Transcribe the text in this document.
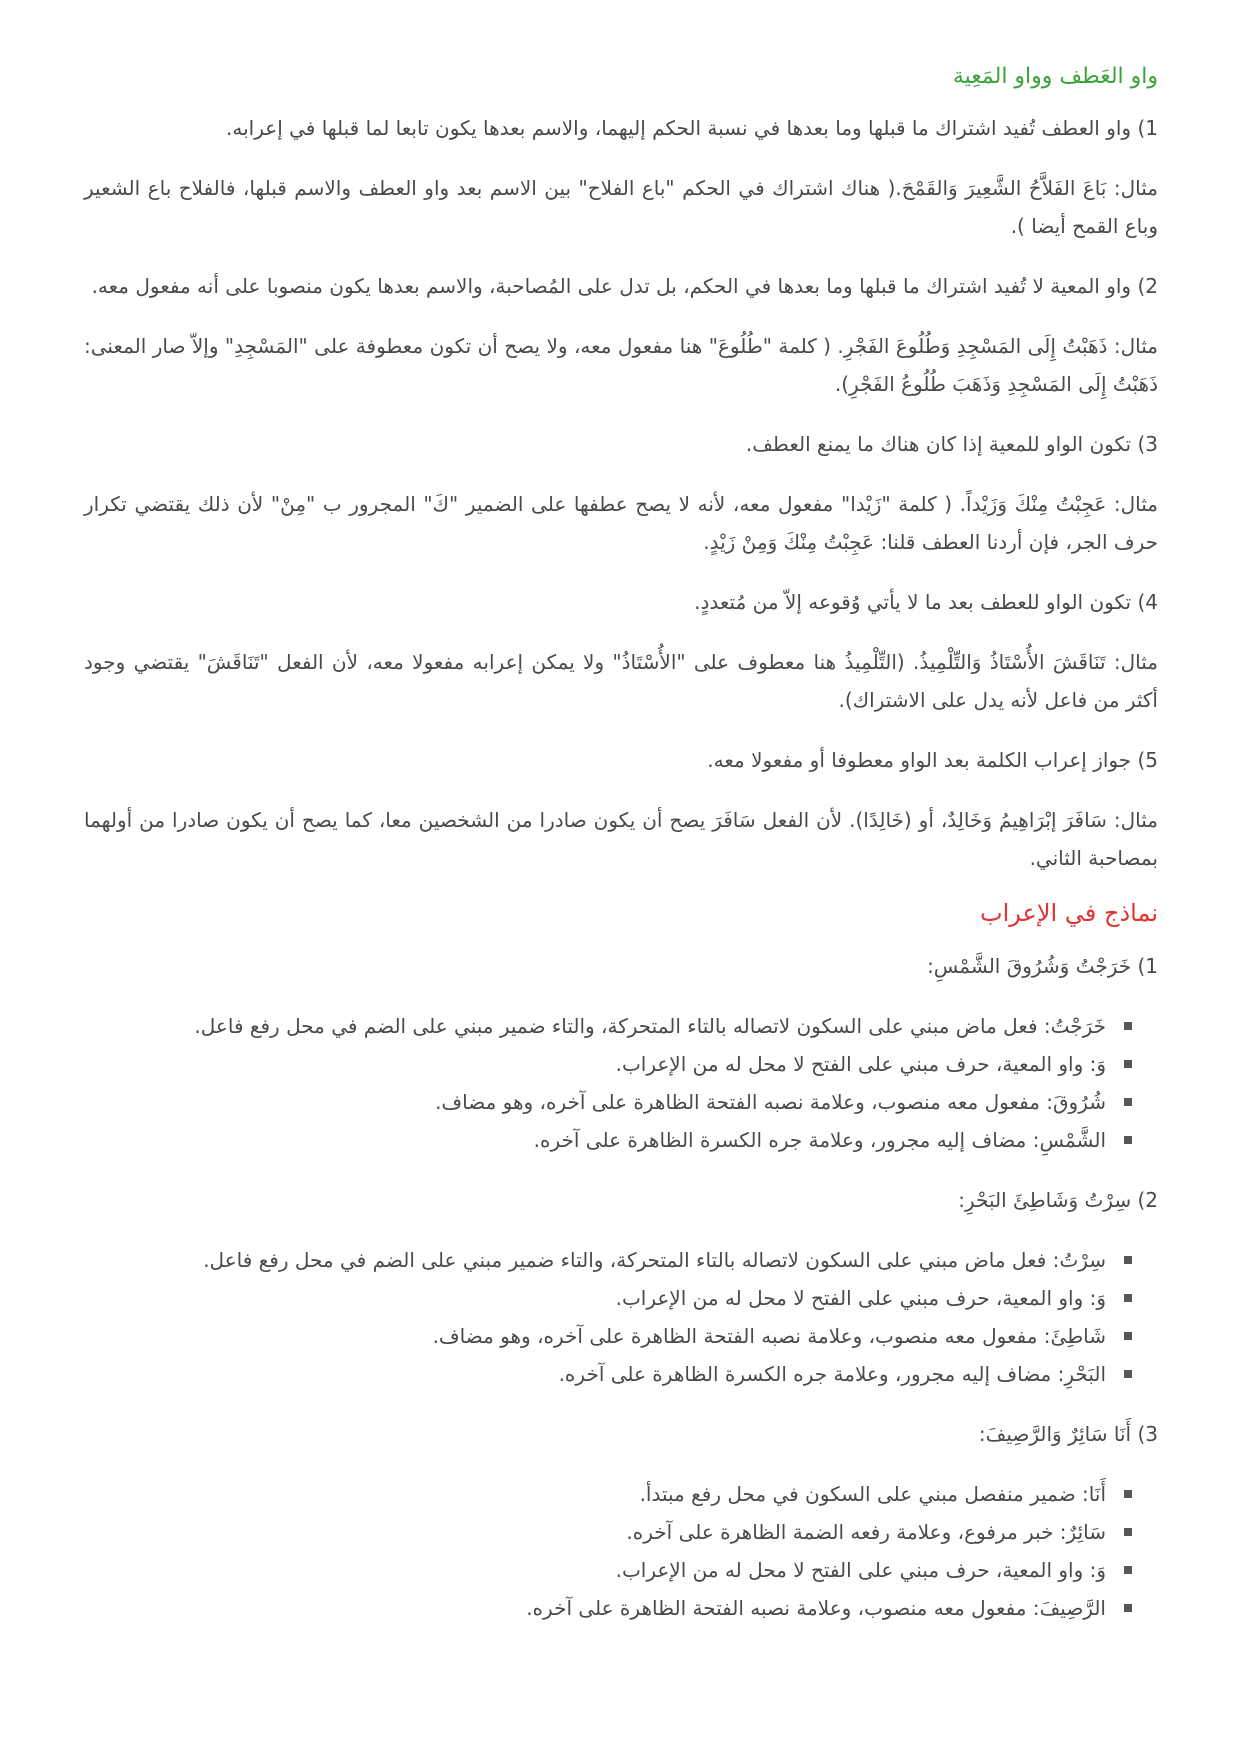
واو العَطف وواو المَعِية

1) واو العطف تُفيد اشتراك ما قبلها وما بعدها في نسبة الحكم إليهما، والاسم بعدها يكون تابعا لما قبلها في إعرابه.

مثال: بَاعَ الفَلاَّحُ الشَّعِيرَ وَالقَمْحَ.( هناك اشتراك في الحكم "باع الفلاح" بين الاسم بعد واو العطف والاسم قبلها، فالفلاح باع الشعير وباع القمح أيضا ).

2) واو المعية لا تُفيد اشتراك ما قبلها وما بعدها في الحكم، بل تدل على المُصاحبة، والاسم بعدها يكون منصوبا على أنه مفعول معه.

مثال: ذَهَبْتُ إِلَى المَسْجِدِ وَطُلُوعَ الفَجْرِ. ( كلمة "طُلُوعَ" هنا مفعول معه، ولا يصح أن تكون معطوفة على "المَسْجِدِ" وإلاّ صار المعنى: ذَهَبْتُ إِلَى المَسْجِدِ وَذَهَبَ طُلُوعُ الفَجْرِ).

3) تكون الواو للمعية إذا كان هناك ما يمنع العطف.

مثال: عَجِبْتُ مِنْكَ وَزَيْداً. ( كلمة "زَيْدا" مفعول معه، لأنه لا يصح عطفها على الضمير "كَ" المجرور ب "مِنْ" لأن ذلك يقتضي تكرار حرف الجر، فإن أردنا العطف قلنا: عَجِبْتُ مِنْكَ وَمِنْ زَيْدٍ.

4) تكون الواو للعطف بعد ما لا يأتي وُقوعه إلاّ من مُتعددٍ.

مثال: تَنَاقَشَ الأُسْتَاذُ وَالتِّلْمِيذُ. (التِّلْمِيذُ هنا معطوف على "الأُسْتَاذُ" ولا يمكن إعرابه مفعولا معه، لأن الفعل "تَنَاقَشَ" يقتضي وجود أكثر من فاعل لأنه يدل على الاشتراك).

5) جواز إعراب الكلمة بعد الواو معطوفا أو مفعولا معه.

مثال: سَافَرَ إبْرَاهِيمُ وَخَالِدٌ، أو (خَالِدًا). لأن الفعل سَافَرَ يصح أن يكون صادرا من الشخصين معا، كما يصح أن يكون صادرا من أولهما بمصاحبة الثاني.

نماذج في الإعراب

1) خَرَجْتُ وَشُرُوقَ الشَّمْسِ:

خَرَجْتُ: فعل ماض مبني على السكون لاتصاله بالتاء المتحركة، والتاء ضمير مبني على الضم في محل رفع فاعل.
وَ: واو المعية، حرف مبني على الفتح لا محل له من الإعراب.
شُرُوقَ: مفعول معه منصوب، وعلامة نصبه الفتحة الظاهرة على آخره، وهو مضاف.
الشَّمْسِ: مضاف إليه مجرور، وعلامة جره الكسرة الظاهرة على آخره.

2) سِرْتُ وَشَاطِئَ البَحْرِ:

سِرْتُ: فعل ماض مبني على السكون لاتصاله بالتاء المتحركة، والتاء ضمير مبني على الضم في محل رفع فاعل.
وَ: واو المعية، حرف مبني على الفتح لا محل له من الإعراب.
شَاطِئَ: مفعول معه منصوب، وعلامة نصبه الفتحة الظاهرة على آخره، وهو مضاف.
البَحْرِ: مضاف إليه مجرور، وعلامة جره الكسرة الظاهرة على آخره.

3) أَنَا سَائِرٌ وَالرَّصِيفَ:

أَنَا: ضمير منفصل مبني على السكون في محل رفع مبتدأ.
سَائِرٌ: خبر مرفوع، وعلامة رفعه الضمة الظاهرة على آخره.
وَ: واو المعية، حرف مبني على الفتح لا محل له من الإعراب.
الرَّصِيفَ: مفعول معه منصوب، وعلامة نصبه الفتحة الظاهرة على آخره.
